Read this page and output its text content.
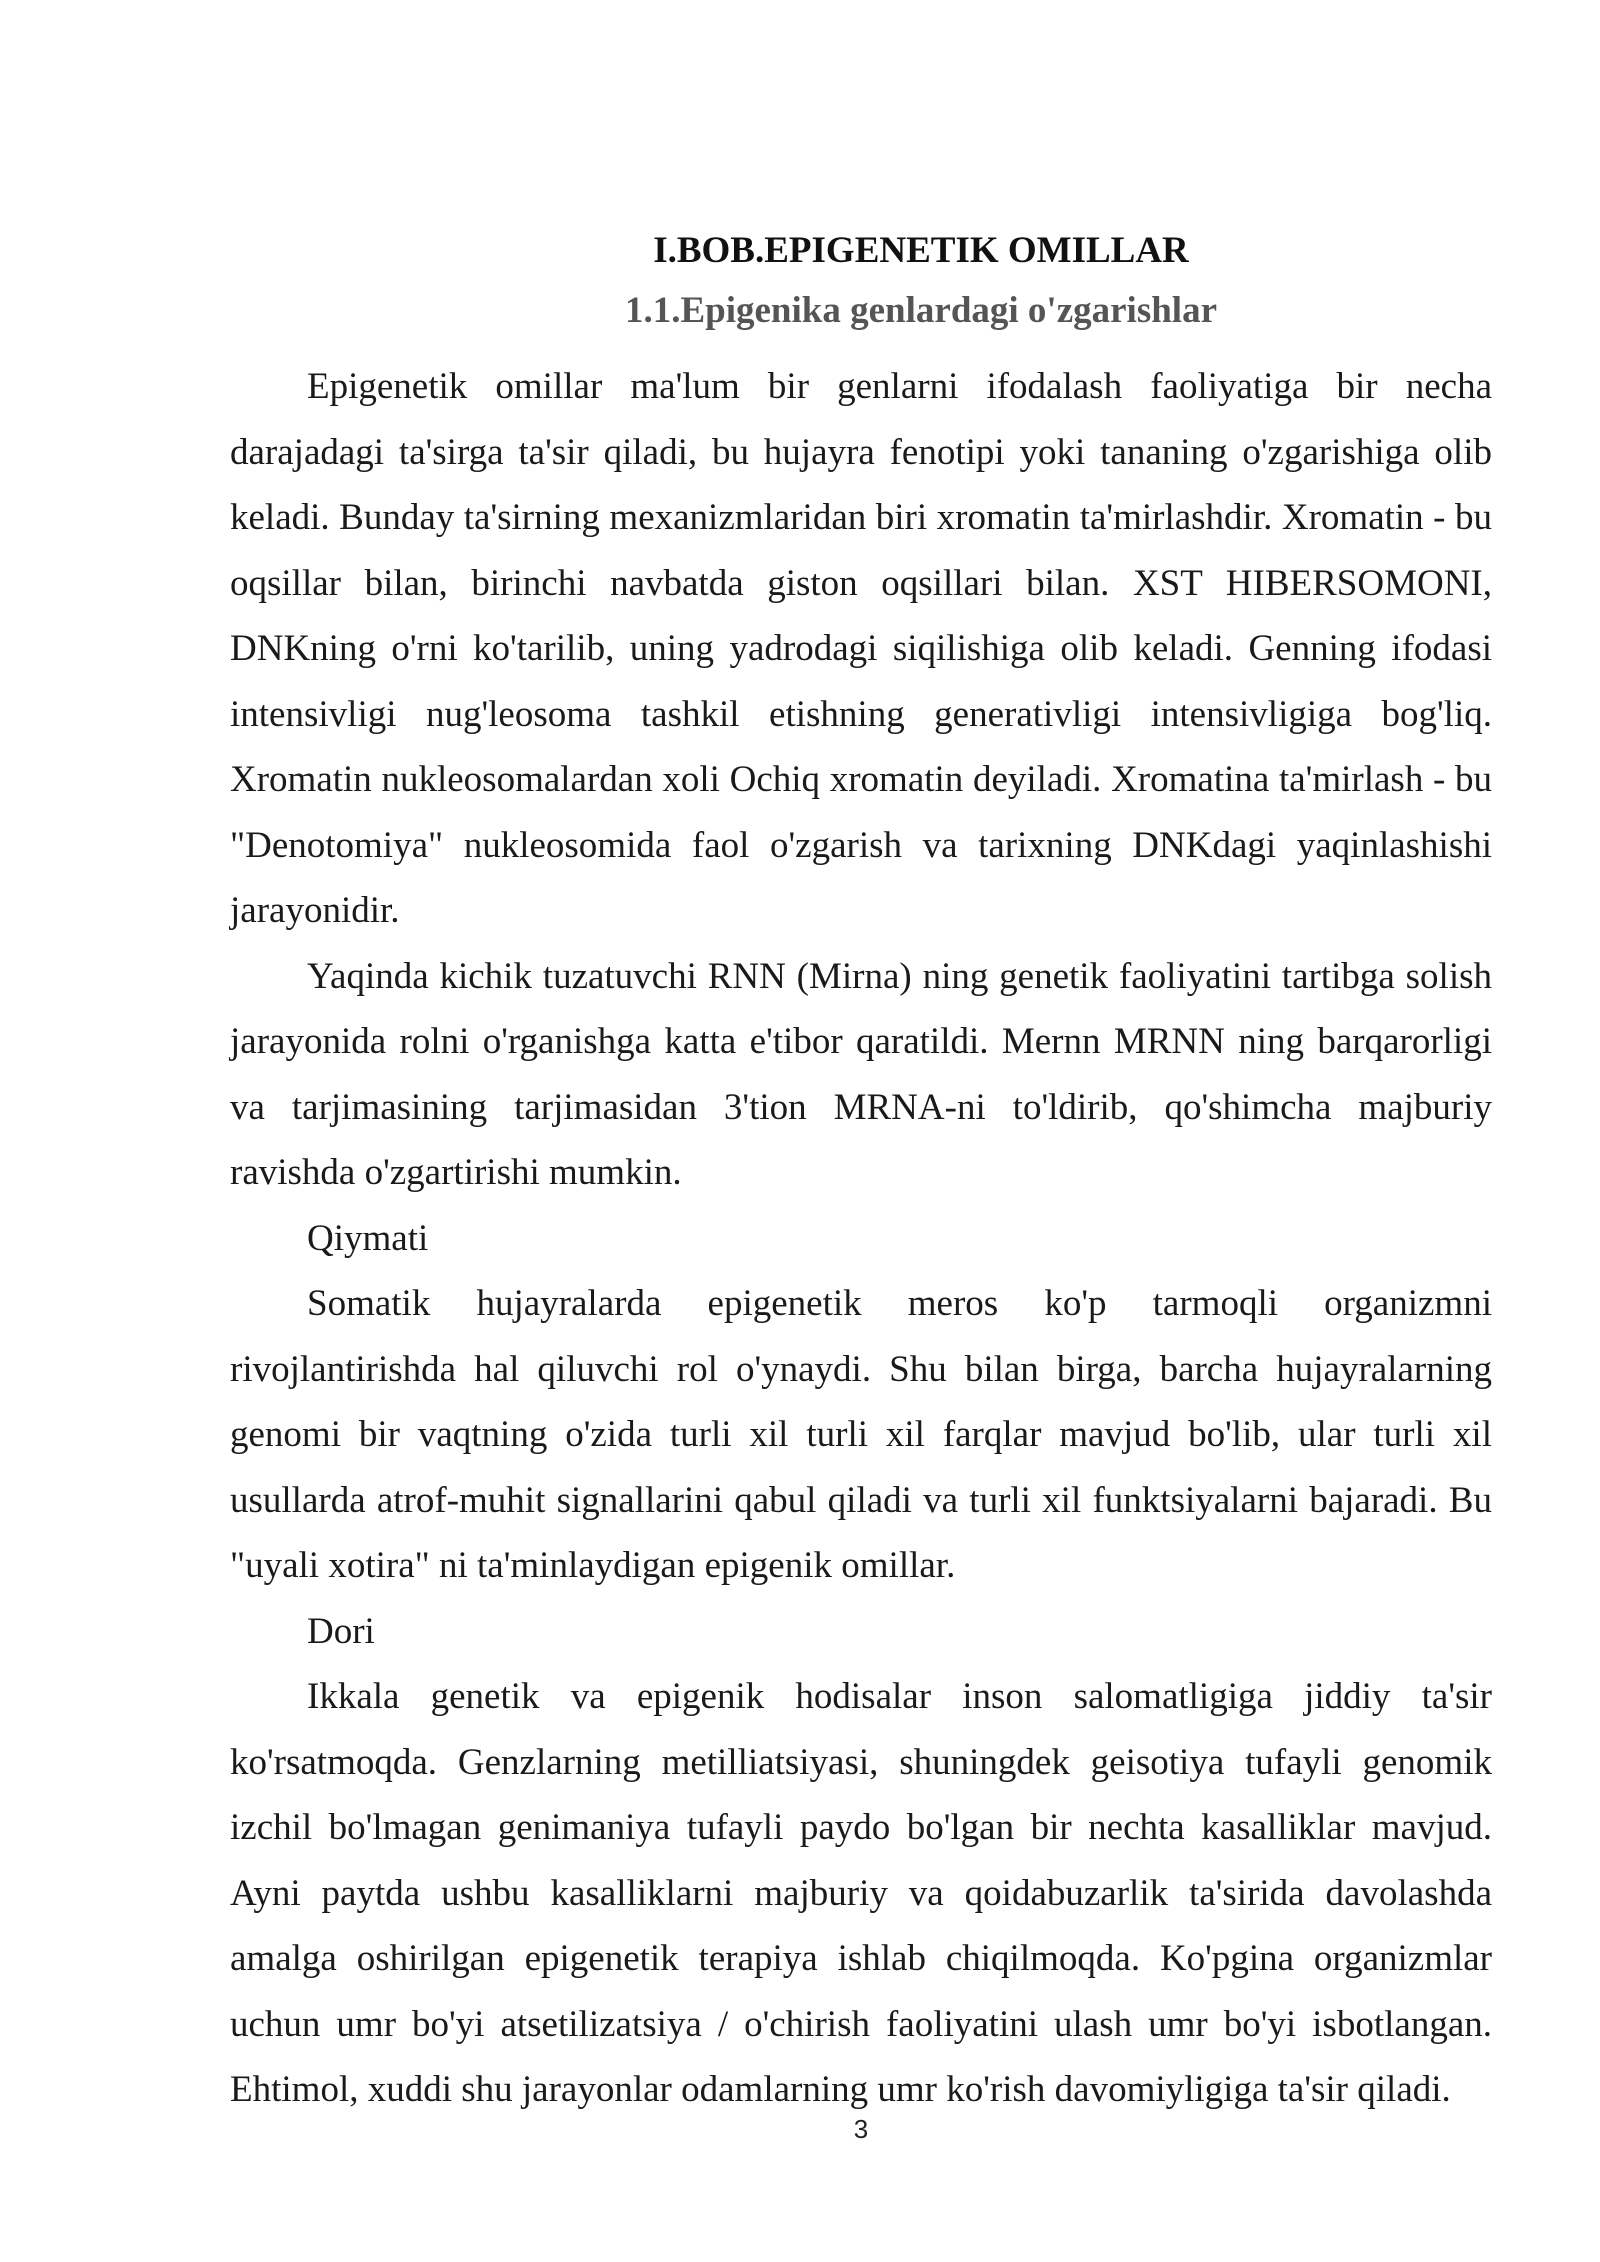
I.BOB.EPIGENETIK OMILLAR
1.1.Epigenika genlardagi o'zgarishlar

Epigenetik omillar ma'lum bir genlarni ifodalash faoliyatiga bir necha darajadagi ta'sirga ta'sir qiladi, bu hujayra fenotipi yoki tananing o'zgarishiga olib keladi. Bunday ta'sirning mexanizmlaridan biri xromatin ta'mirlashdir. Xromatin - bu oqsillar bilan, birinchi navbatda giston oqsillari bilan. XST HIBERSOMONI, DNKning o'rni ko'tarilib, uning yadrodagi siqilishiga olib keladi. Genning ifodasi intensivligi nug'leosoma tashkil etishning generativligi intensivligiga bog'liq. Xromatin nukleosomalardan xoli Ochiq xromatin deyiladi. Xromatina ta'mirlash - bu "Denotomiya" nukleosomida faol o'zgarish va tarixning DNKdagi yaqinlashishi jarayonidir.

Yaqinda kichik tuzatuvchi RNN (Mirna) ning genetik faoliyatini tartibga solish jarayonida rolni o'rganishga katta e'tibor qaratildi. Mernn MRNN ning barqarorligi va tarjimasining tarjimasidan 3'tion MRNA-ni to'ldirib, qo'shimcha majburiy ravishda o'zgartirishi mumkin.

Qiymati

Somatik hujayralarda epigenetik meros ko'p tarmoqli organizmni rivojlantirishda hal qiluvchi rol o'ynaydi. Shu bilan birga, barcha hujayralarning genomi bir vaqtning o'zida turli xil turli xil farqlar mavjud bo'lib, ular turli xil usullarda atrof-muhit signallarini qabul qiladi va turli xil funktsiyalarni bajaradi. Bu "uyali xotira" ni ta'minlaydigan epigenik omillar.

Dori

Ikkala genetik va epigenik hodisalar inson salomatligiga jiddiy ta'sir ko'rsatmoqda. Genzlarning metilliatsiyasi, shuningdek geisotiya tufayli genomik izchil bo'lmagan genimaniya tufayli paydo bo'lgan bir nechta kasalliklar mavjud. Ayni paytda ushbu kasalliklarni majburiy va qoidabuzarlik ta'sirida davolashda amalga oshirilgan epigenetik terapiya ishlab chiqilmoqda. Ko'pgina organizmlar uchun umr bo'yi atsetilizatsiya / o'chirish faoliyatini ulash umr bo'yi isbotlangan. Ehtimol, xuddi shu jarayonlar odamlarning umr ko'rish davomiyligiga ta'sir qiladi.

3
